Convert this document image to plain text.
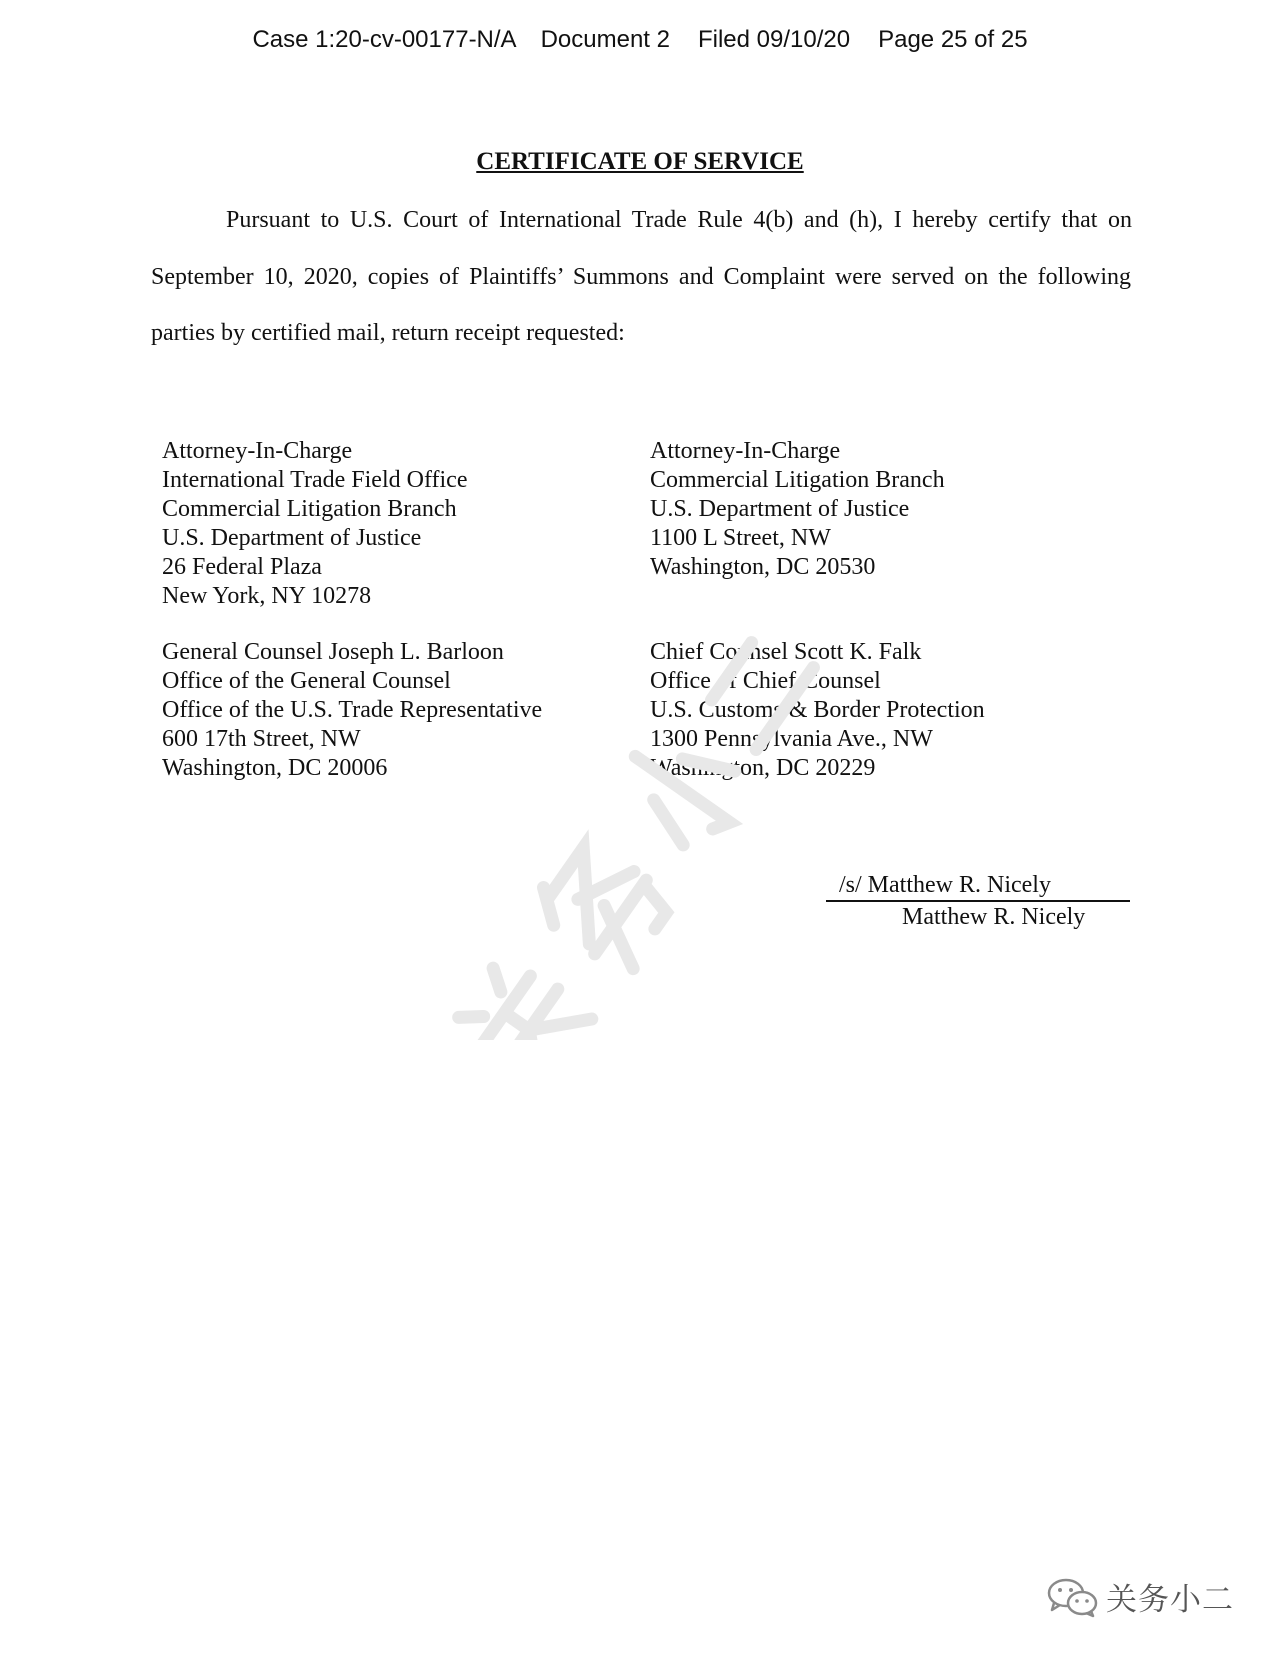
Case 1:20-cv-00177-N/A Document 2 Filed 09/10/20 Page 25 of 25
CERTIFICATE OF SERVICE
Pursuant to U.S. Court of International Trade Rule 4(b) and (h), I hereby certify that on
September 10, 2020, copies of Plaintiffs’ Summons and Complaint were served on the following
parties by certified mail, return receipt requested:
Attorney-In-Charge
International Trade Field Office
Commercial Litigation Branch
U.S. Department of Justice
26 Federal Plaza
New York, NY 10278
Attorney-In-Charge
Commercial Litigation Branch
U.S. Department of Justice
1100 L Street, NW
Washington, DC 20530
General Counsel Joseph L. Barloon
Office of the General Counsel
Office of the U.S. Trade Representative
600 17th Street, NW
Washington, DC 20006
Chief Counsel Scott K. Falk
Office of Chief Counsel
U.S. Customs & Border Protection
1300 Pennsylvania Ave., NW
Washington, DC 20229
/s/ Matthew R. Nicely
Matthew R. Nicely
关务小二
